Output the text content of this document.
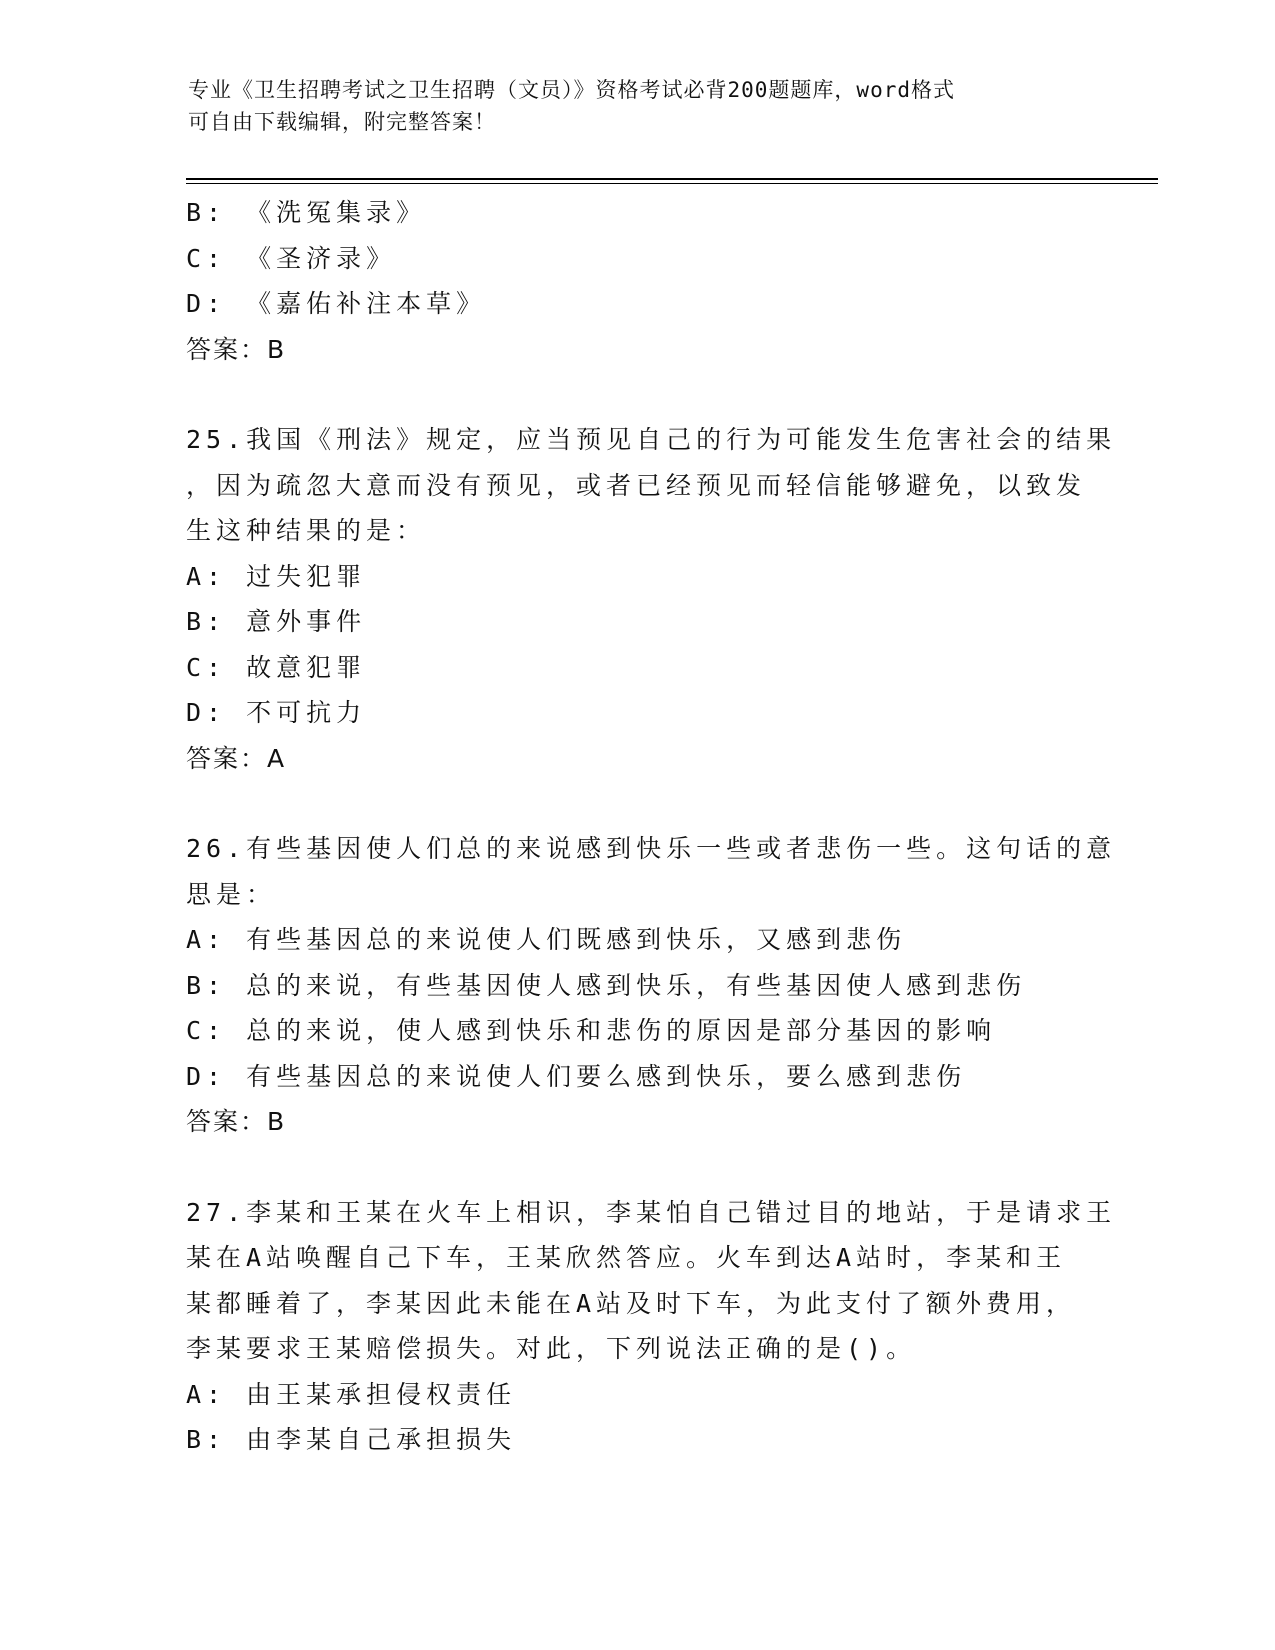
专业《卫生招聘考试之卫生招聘（文员）》资格考试必背200题题库，word格式
可自由下载编辑，附完整答案！
B: 《洗冤集录》
C: 《圣济录》
D: 《嘉佑补注本草》
答案：B
25.我国《刑法》规定，应当预见自己的行为可能发生危害社会的结果
，因为疏忽大意而没有预见，或者已经预见而轻信能够避免，以致发
生这种结果的是：
A: 过失犯罪
B: 意外事件
C: 故意犯罪
D: 不可抗力
答案：A
26.有些基因使人们总的来说感到快乐一些或者悲伤一些。这句话的意
思是：
A: 有些基因总的来说使人们既感到快乐，又感到悲伤
B: 总的来说，有些基因使人感到快乐，有些基因使人感到悲伤
C: 总的来说，使人感到快乐和悲伤的原因是部分基因的影响
D: 有些基因总的来说使人们要么感到快乐，要么感到悲伤
答案：B
27.李某和王某在火车上相识，李某怕自己错过目的地站，于是请求王
某在A站唤醒自己下车，王某欣然答应。火车到达A站时，李某和王
某都睡着了，李某因此未能在A站及时下车，为此支付了额外费用，
李某要求王某赔偿损失。对此，下列说法正确的是()。
A: 由王某承担侵权责任
B: 由李某自己承担损失
